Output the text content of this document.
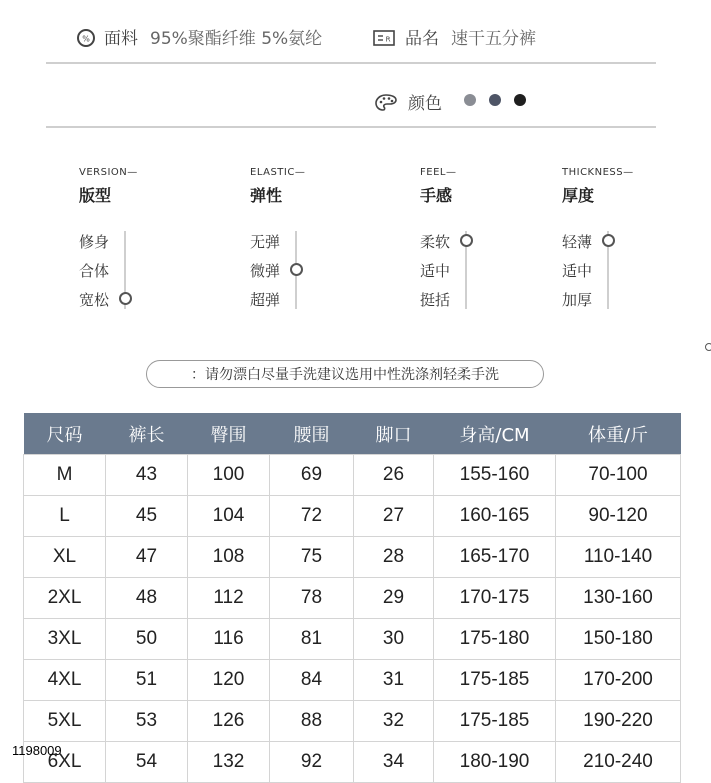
% 面料 95%聚酯纤维 5%氨纶	R 品名 速干五分裤
颜色
VERSION—
版型
修身
合体
宽松
ELASTIC—
弹性
无弹
微弹
超弹
FEEL—
手感
柔软
适中
挺括
THICKNESS—
厚度
轻薄
适中
加厚
：请勿漂白尽量手洗建议选用中性洗涤剂轻柔手洗
尺码	裤长	臀围	腰围	脚口	身高/CM	体重/斤
M	43	100	69	26	155-160	70-100
L	45	104	72	27	160-165	90-120
XL	47	108	75	28	165-170	110-140
2XL	48	112	78	29	170-175	130-160
3XL	50	116	81	30	175-180	150-180
4XL	51	120	84	31	175-185	170-200
5XL	53	126	88	32	175-185	190-220
6XL	54	132	92	34	180-190	210-240
1198009
